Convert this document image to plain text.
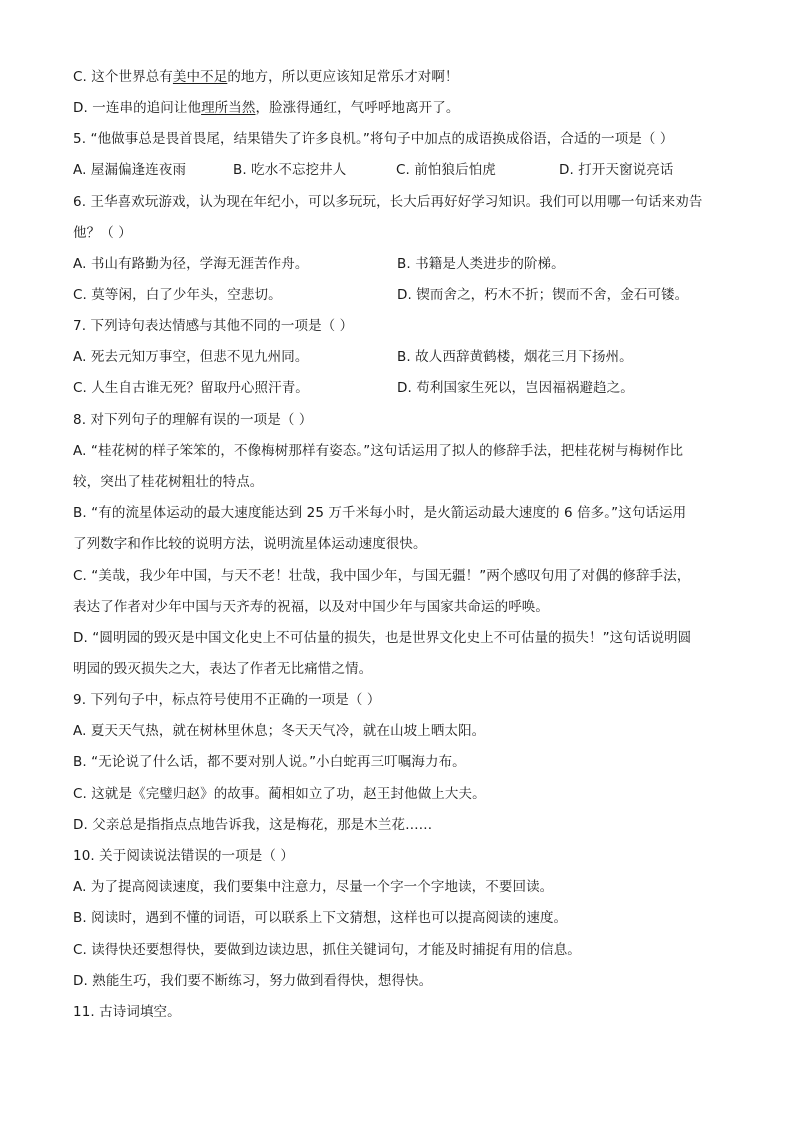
C. 这个世界总有美中不足的地方，所以更应该知足常乐才对啊！
D. 一连串的追问让他理所当然，脸涨得通红，气呼呼地离开了。
5. “他做事总是畏首畏尾，结果错失了许多良机。”将句子中加点的成语换成俗语，合适的一项是（ ）
A. 屋漏偏逢连夜雨	B. 吃水不忘挖井人	C. 前怕狼后怕虎	D. 打开天窗说亮话
6. 王华喜欢玩游戏，认为现在年纪小，可以多玩玩，长大后再好好学习知识。我们可以用哪一句话来劝告
他？（ ）
A. 书山有路勤为径，学海无涯苦作舟。	B. 书籍是人类进步的阶梯。
C. 莫等闲，白了少年头，空悲切。	D. 锲而舍之，朽木不折；锲而不舍，金石可镂。
7. 下列诗句表达情感与其他不同的一项是（ ）
A. 死去元知万事空，但悲不见九州同。	B. 故人西辞黄鹤楼，烟花三月下扬州。
C. 人生自古谁无死？留取丹心照汗青。	D. 苟利国家生死以，岂因福祸避趋之。
8. 对下列句子的理解有误的一项是（ ）
A. “桂花树的样子笨笨的，不像梅树那样有姿态。”这句话运用了拟人的修辞手法，把桂花树与梅树作比
较，突出了桂花树粗壮的特点。
B. “有的流星体运动的最大速度能达到 25 万千米每小时，是火箭运动最大速度的 6 倍多。”这句话运用
了列数字和作比较的说明方法，说明流星体运动速度很快。
C. “美哉，我少年中国，与天不老！壮哉，我中国少年，与国无疆！”两个感叹句用了对偶的修辞手法，
表达了作者对少年中国与天齐寿的祝福，以及对中国少年与国家共命运的呼唤。
D. “圆明园的毁灭是中国文化史上不可估量的损失，也是世界文化史上不可估量的损失！”这句话说明圆
明园的毁灭损失之大，表达了作者无比痛惜之情。
9. 下列句子中，标点符号使用不正确的一项是（ ）
A. 夏天天气热，就在树林里休息；冬天天气冷，就在山坡上晒太阳。
B. “无论说了什么话，都不要对别人说。”小白蛇再三叮嘱海力布。
C. 这就是《完璧归赵》的故事。蔺相如立了功，赵王封他做上大夫。
D. 父亲总是指指点点地告诉我，这是梅花，那是木兰花……
10. 关于阅读说法错误的一项是（ ）
A. 为了提高阅读速度，我们要集中注意力，尽量一个字一个字地读，不要回读。
B. 阅读时，遇到不懂的词语，可以联系上下文猜想，这样也可以提高阅读的速度。
C. 读得快还要想得快，要做到边读边思，抓住关键词句，才能及时捕捉有用的信息。
D. 熟能生巧，我们要不断练习，努力做到看得快，想得快。
11. 古诗词填空。
